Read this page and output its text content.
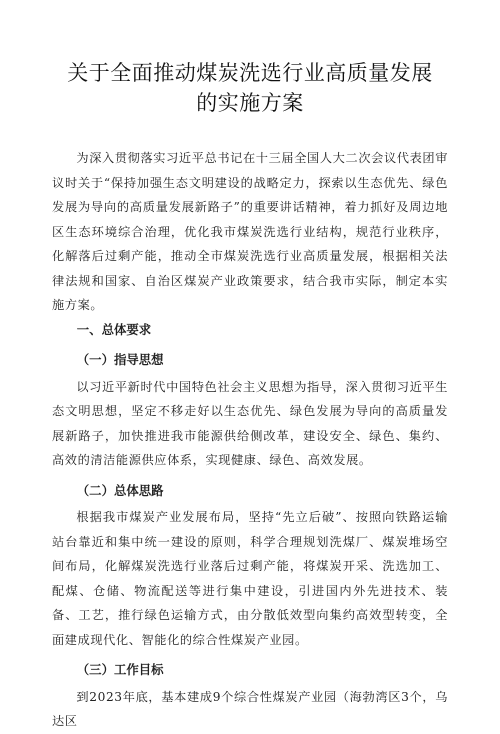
关于全面推动煤炭洗选行业高质量发展的实施方案

为深入贯彻落实习近平总书记在十三届全国人大二次会议代表团审议时关于“保持加强生态文明建设的战略定力，探索以生态优先、绿色发展为导向的高质量发展新路子”的重要讲话精神，着力抓好及周边地区生态环境综合治理，优化我市煤炭洗选行业结构，规范行业秩序，化解落后过剩产能，推动全市煤炭洗选行业高质量发展，根据相关法律法规和国家、自治区煤炭产业政策要求，结合我市实际，制定本实施方案。

一、总体要求

（一）指导思想

以习近平新时代中国特色社会主义思想为指导，深入贯彻习近平生态文明思想，坚定不移走好以生态优先、绿色发展为导向的高质量发展新路子，加快推进我市能源供给侧改革，建设安全、绿色、集约、高效的清洁能源供应体系，实现健康、绿色、高效发展。

（二）总体思路

根据我市煤炭产业发展布局，坚持“先立后破”、按照向铁路运输站台靠近和集中统一建设的原则，科学合理规划洗煤厂、煤炭堆场空间布局，化解煤炭洗选行业落后过剩产能，将煤炭开采、洗选加工、配煤、仓储、物流配送等进行集中建设，引进国内外先进技术、装备、工艺，推行绿色运输方式，由分散低效型向集约高效型转变，全面建成现代化、智能化的综合性煤炭产业园。

（三）工作目标

到2023年底，基本建成9个综合性煤炭产业园（海勃湾区3个，乌达区
